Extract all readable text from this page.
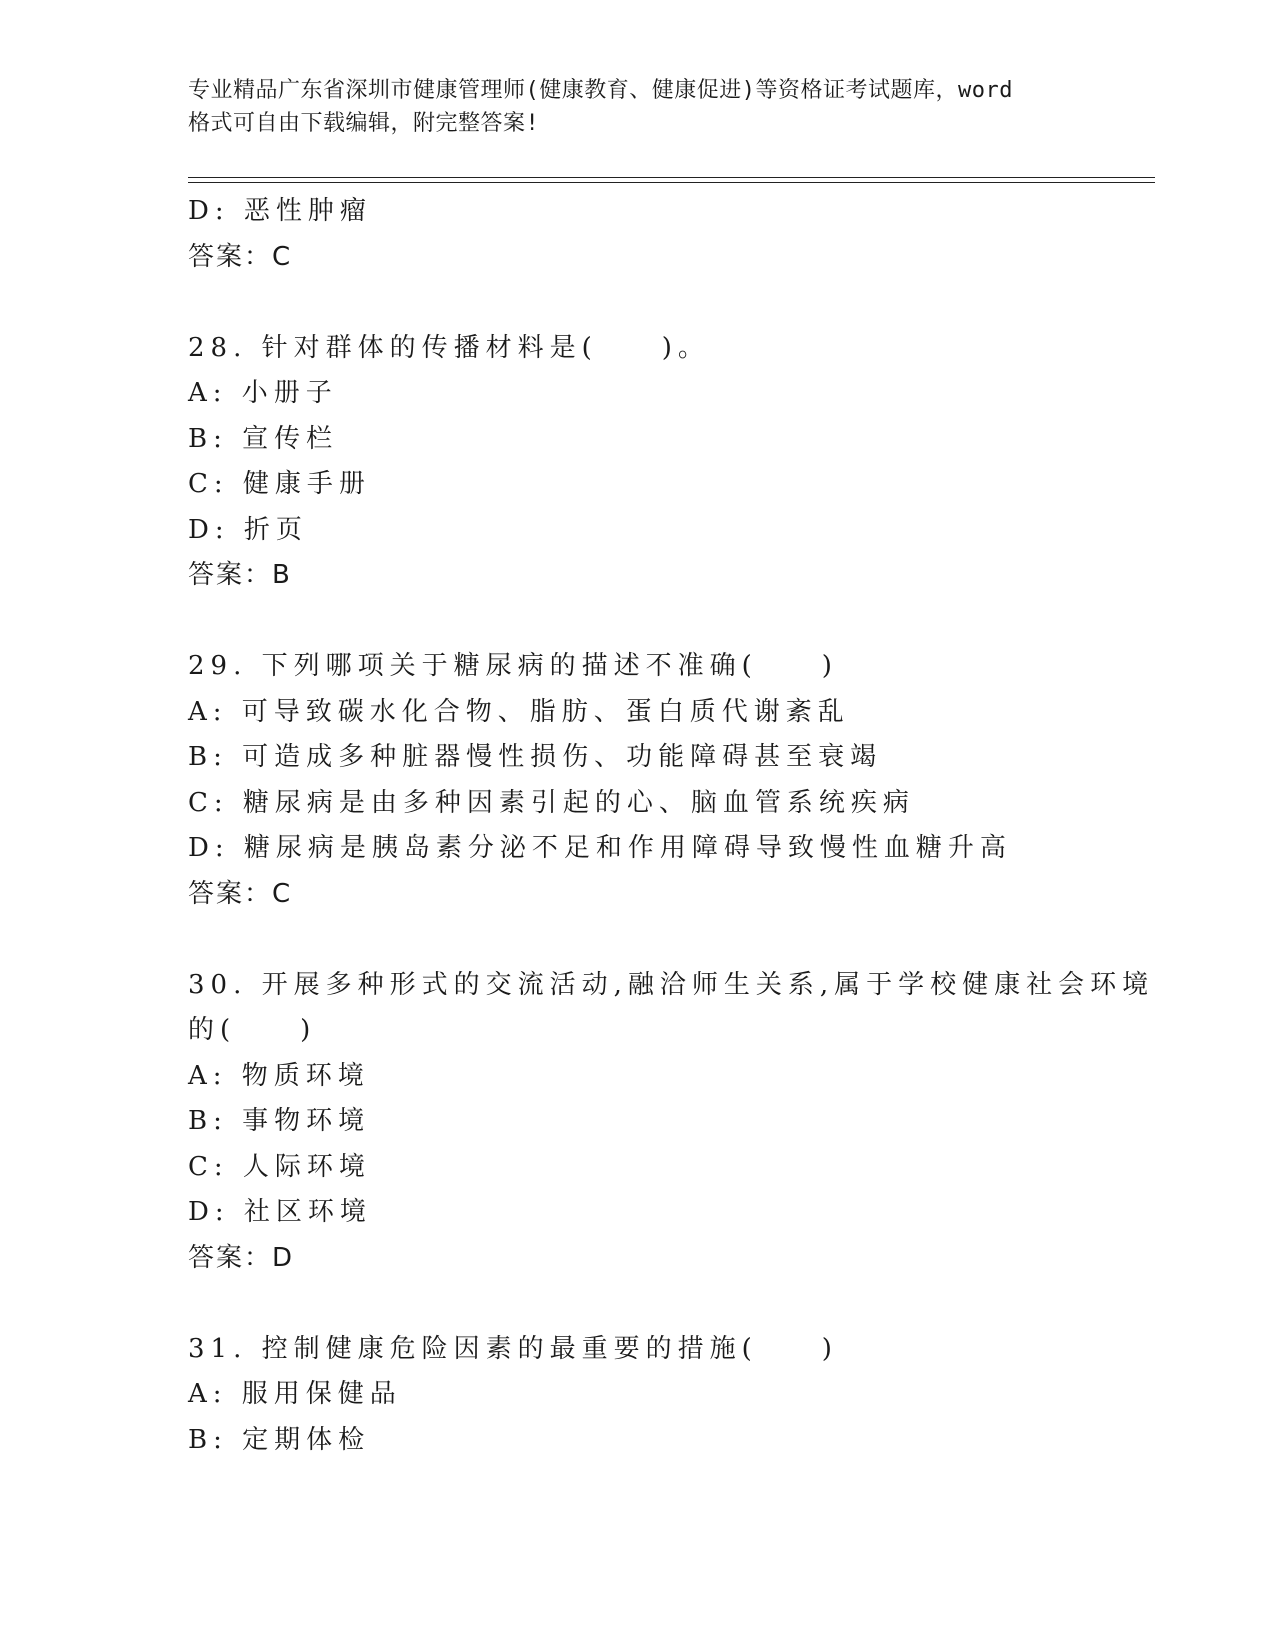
专业精品广东省深圳市健康管理师(健康教育、健康促进)等资格证考试题库，word
格式可自由下载编辑，附完整答案!
D: 恶性肿瘤
答案：C
28. 针对群体的传播材料是(　　)。
A: 小册子
B: 宣传栏
C: 健康手册
D: 折页
答案：B
29. 下列哪项关于糖尿病的描述不准确(　　)
A: 可导致碳水化合物、脂肪、蛋白质代谢紊乱
B: 可造成多种脏器慢性损伤、功能障碍甚至衰竭
C: 糖尿病是由多种因素引起的心、脑血管系统疾病
D: 糖尿病是胰岛素分泌不足和作用障碍导致慢性血糖升高
答案：C
30. 开展多种形式的交流活动,融洽师生关系,属于学校健康社会环境
的(　　)
A: 物质环境
B: 事物环境
C: 人际环境
D: 社区环境
答案：D
31. 控制健康危险因素的最重要的措施(　　)
A: 服用保健品
B: 定期体检
